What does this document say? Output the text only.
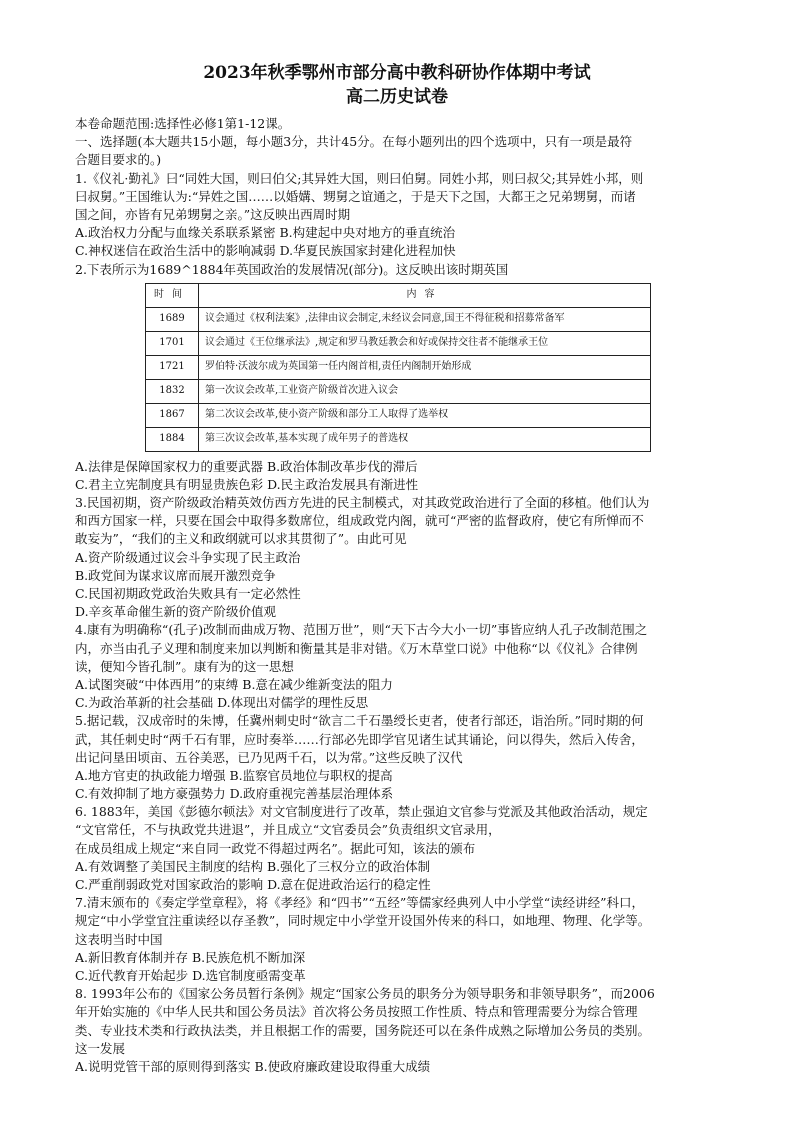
2023年秋季鄂州市部分高中教科研协作体期中考试
高二历史试卷
本卷命题范围:选择性必修1第1-12课。
一、选择题(本大题共15小题，每小题3分，共计45分。在每小题列出的四个选项中，只有一项是最符
合题目要求的。)
1.《仪礼·勤礼》曰“同姓大国，则曰伯父;其异姓大国，则曰伯舅。同姓小邦，则曰叔父;其异姓小邦，则
曰叔舅。”王国维认为:“异姓之国……以婚媾、甥舅之谊通之，于是天下之国，大都王之兄弟甥舅，而诸
国之间，亦皆有兄弟甥舅之亲。”这反映出西周时期
A.政治权力分配与血缘关系联系紧密 B.构建起中央对地方的垂直统治
C.神权迷信在政治生活中的影响减弱 D.华夏民族国家封建化进程加快
2.下表所示为1689^1884年英国政治的发展情况(部分)。这反映出该时期英国
时间	内容
1689	议会通过《权利法案》,法律由议会制定,未经议会同意,国王不得征税和招募常备军
1701	议会通过《王位继承法》,规定和罗马教廷教会和好或保持交往者不能继承王位
1721	罗伯特·沃波尔成为英国第一任内阁首相,责任内阁制开始形成
1832	第一次议会改革,工业资产阶级首次进入议会
1867	第二次议会改革,使小资产阶级和部分工人取得了选举权
1884	第三次议会改革,基本实现了成年男子的普选权
A.法律是保障国家权力的重要武器 B.政治体制改革步伐的滞后
C.君主立宪制度具有明显贵族色彩 D.民主政治发展具有渐进性
3.民国初期，资产阶级政治精英效仿西方先进的民主制模式，对其政党政治进行了全面的移植。他们认为
和西方国家一样，只要在国会中取得多数席位，组成政党内阁，就可“严密的监督政府，使它有所惮而不
敢妄为”，“我们的主义和政纲就可以求其贯彻了”。由此可见
A.资产阶级通过议会斗争实现了民主政治
B.政党间为谋求议席而展开激烈竞争
C.民国初期政党政治失败具有一定必然性
D.辛亥革命催生新的资产阶级价值观
4.康有为明确称“(孔子)改制而曲成万物、范围万世”，则“天下古今大小一切”事皆应纳人孔子改制范围之
内，亦当由孔子义理和制度来加以判断和衡量其是非对错。《万木草堂口说》中他称“以《仪礼》合律例
读，便知今皆孔制”。康有为的这一思想
A.试图突破“中体西用”的束缚 B.意在减少维新变法的阻力
C.为政治革新的社会基础 D.体现出对儒学的理性反思
5.据记载，汉成帝时的朱博，任冀州刺史时“欲言二千石墨绶长吏者，使者行部还，诣治所。”同时期的何
武，其任刺史时“两千石有罪，应时奏举……行部必先即学官见诸生试其诵论，问以得失，然后入传舍，
出记问垦田顷亩、五谷美恶，已乃见两千石，以为常。”这些反映了汉代
A.地方官吏的执政能力增强 B.监察官员地位与职权的提高
C.有效抑制了地方豪强势力 D.政府重视完善基层治理体系
6. 1883年，美国《彭德尔顿法》对文官制度进行了改革，禁止强迫文官参与党派及其他政治活动，规定
“文官常任，不与执政党共进退”，并且成立“文官委员会”负责组织文官录用，
在成员组成上规定“来自同一政党不得超过两名”。据此可知，该法的颁布
A.有效调整了美国民主制度的结构 B.强化了三权分立的政治体制
C.严重削弱政党对国家政治的影响 D.意在促进政治运行的稳定性
7.清末颁布的《奏定学堂章程》，将《孝经》和“四书”“五经”等儒家经典列人中小学堂“读经讲经”科口，
规定“中小学堂宜注重读经以存圣教”，同时规定中小学堂开设国外传来的科口，如地理、物理、化学等。
这表明当时中国
A.新旧教育体制并存 B.民族危机不断加深
C.近代教育开始起步 D.选官制度亟需变革
8. 1993年公布的《国家公务员暂行条例》规定“国家公务员的职务分为领导职务和非领导职务”，而2006
年开始实施的《中华人民共和国公务员法》首次将公务员按照工作性质、特点和管理需要分为综合管理
类、专业技术类和行政执法类，并且根据工作的需要，国务院还可以在条件成熟之际增加公务员的类别。
这一发展
A.说明党管干部的原则得到落实 B.使政府廉政建设取得重大成绩
